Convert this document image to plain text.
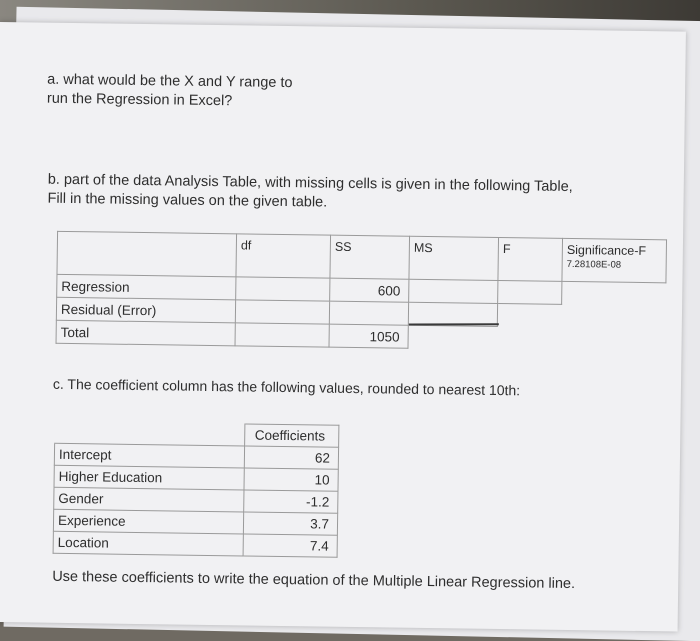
a. what would be the X and Y range to
run the Regression in Excel?
b. part of the data Analysis Table, with missing cells is given in the following Table,
Fill in the missing values on the given table.
	df	SS	MS	F	Significance-F
7.28108E-08

Regression		600			
Residual (Error)					
Total		1050			
c. The coefficient column has the following values, rounded to nearest 10th:
	Coefficients
Intercept	62
Higher Education	10
Gender	-1.2
Experience	3.7
Location	7.4
Use these coefficients to write the equation of the Multiple Linear Regression line.
